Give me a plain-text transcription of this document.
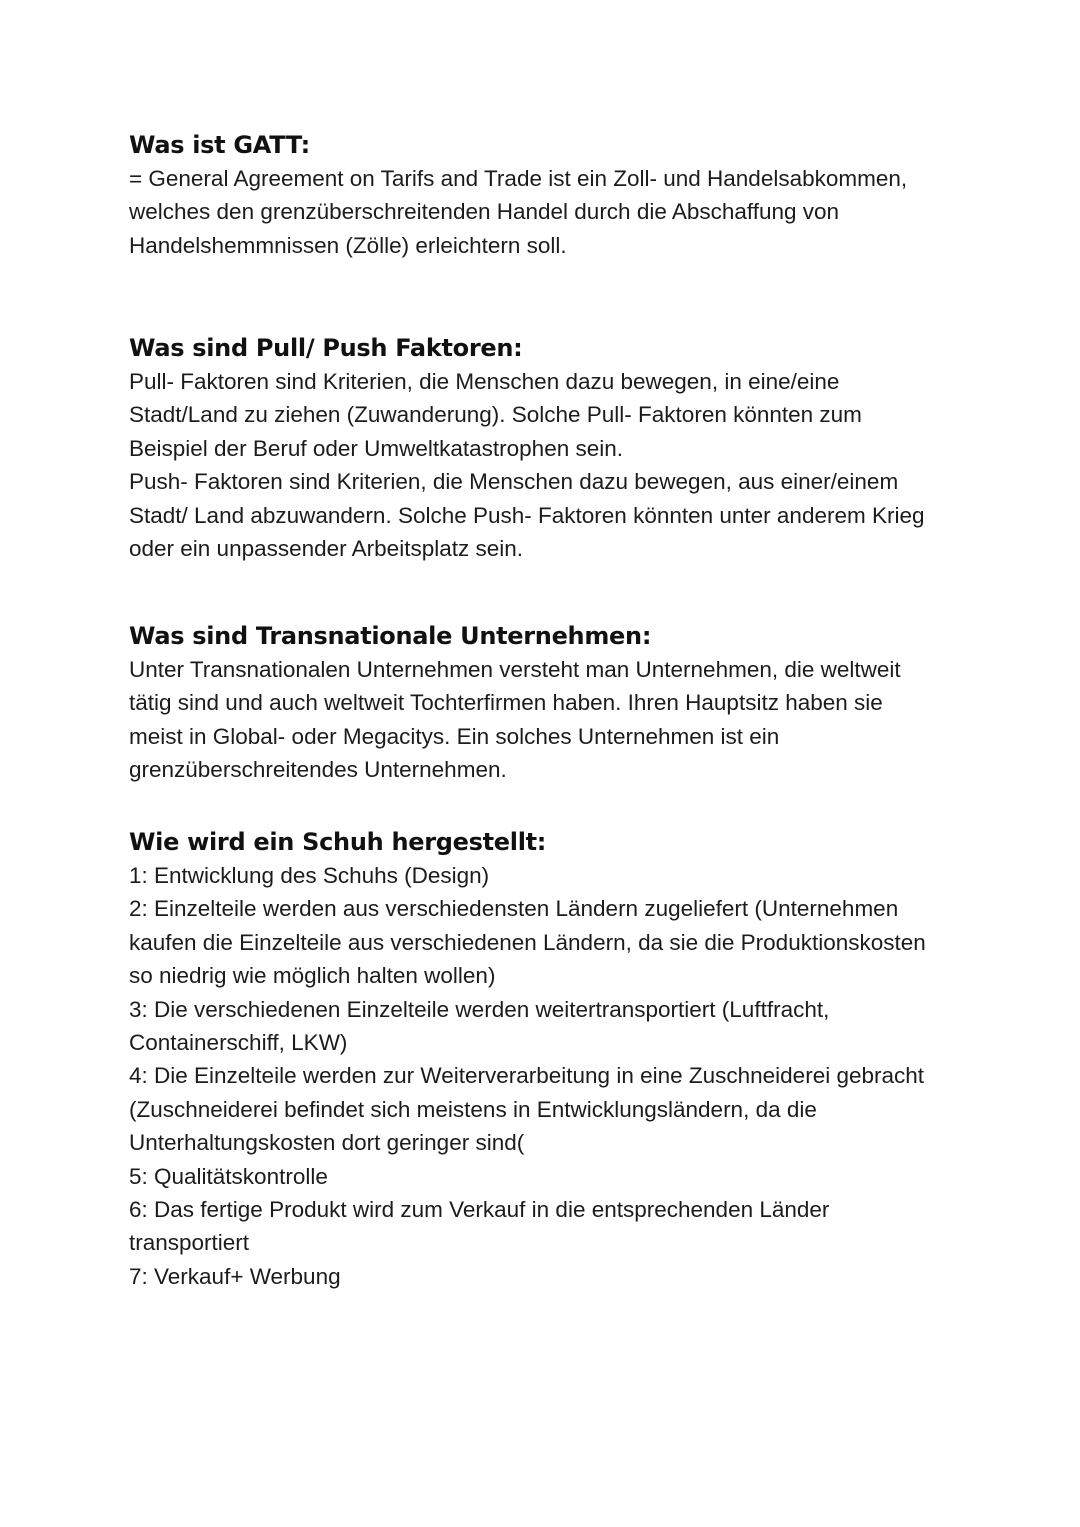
Was ist GATT:
= General Agreement on Tarifs and Trade ist ein Zoll- und Handelsabkommen,
welches den grenzüberschreitenden Handel durch die Abschaffung von
Handelshemmnissen (Zölle) erleichtern soll.
Was sind Pull/ Push Faktoren:
Pull- Faktoren sind Kriterien, die Menschen dazu bewegen, in eine/eine
Stadt/Land zu ziehen (Zuwanderung). Solche Pull- Faktoren könnten zum
Beispiel der Beruf oder Umweltkatastrophen sein.
Push- Faktoren sind Kriterien, die Menschen dazu bewegen, aus einer/einem
Stadt/ Land abzuwandern. Solche Push- Faktoren könnten unter anderem Krieg
oder ein unpassender Arbeitsplatz sein.
Was sind Transnationale Unternehmen:
Unter Transnationalen Unternehmen versteht man Unternehmen, die weltweit
tätig sind und auch weltweit Tochterfirmen haben. Ihren Hauptsitz haben sie
meist in Global- oder Megacitys. Ein solches Unternehmen ist ein
grenzüberschreitendes Unternehmen.
Wie wird ein Schuh hergestellt:
1: Entwicklung des Schuhs (Design)
2: Einzelteile werden aus verschiedensten Ländern zugeliefert (Unternehmen
kaufen die Einzelteile aus verschiedenen Ländern, da sie die Produktionskosten
so niedrig wie möglich halten wollen)
3: Die verschiedenen Einzelteile werden weitertransportiert (Luftfracht,
Containerschiff, LKW)
4: Die Einzelteile werden zur Weiterverarbeitung in eine Zuschneiderei gebracht
(Zuschneiderei befindet sich meistens in Entwicklungsländern, da die
Unterhaltungskosten dort geringer sind(
5: Qualitätskontrolle
6: Das fertige Produkt wird zum Verkauf in die entsprechenden Länder
transportiert
7: Verkauf+ Werbung
